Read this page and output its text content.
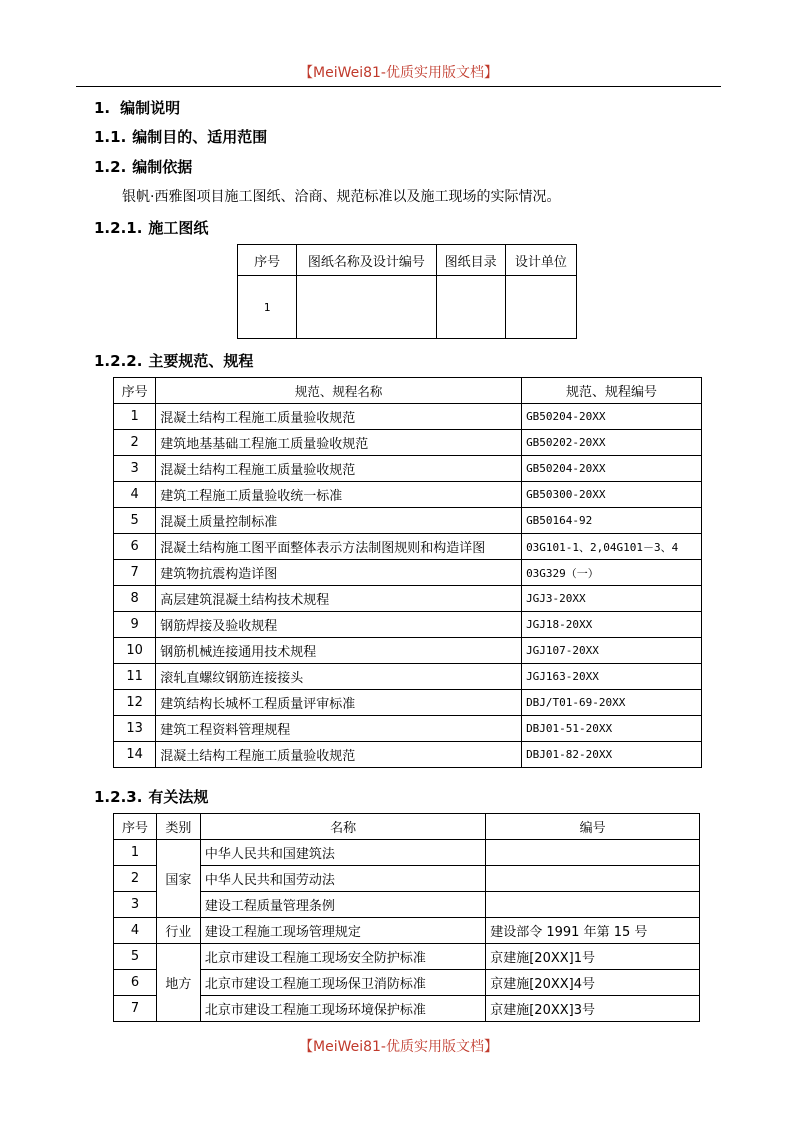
【MeiWei81-优质实用版文档】
1. 编制说明
1.1. 编制目的、适用范围
1.2. 编制依据
银帆·西雅图项目施工图纸、洽商、规范标准以及施工现场的实际情况。
1.2.1. 施工图纸
序号	图纸名称及设计编号	图纸目录	设计单位
1			
1.2.2. 主要规范、规程
序号	规范、规程名称	规范、规程编号
1	混凝土结构工程施工质量验收规范	GB50204-20XX
2	建筑地基基础工程施工质量验收规范	GB50202-20XX
3	混凝土结构工程施工质量验收规范	GB50204-20XX
4	建筑工程施工质量验收统一标准	GB50300-20XX
5	混凝土质量控制标准	GB50164-92
6	混凝土结构施工图平面整体表示方法制图规则和构造详图	03G101-1、2,04G101－3、4
7	建筑物抗震构造详图	03G329（一）
8	高层建筑混凝土结构技术规程	JGJ3-20XX
9	钢筋焊接及验收规程	JGJ18-20XX
10	钢筋机械连接通用技术规程	JGJ107-20XX
11	滚轧直螺纹钢筋连接接头	JGJ163-20XX
12	建筑结构长城杯工程质量评审标准	DBJ/T01-69-20XX
13	建筑工程资料管理规程	DBJ01-51-20XX
14	混凝土结构工程施工质量验收规范	DBJ01-82-20XX
1.2.3. 有关法规
序号	类别	名称	编号
1	国家	中华人民共和国建筑法	
2		中华人民共和国劳动法	
3		建设工程质量管理条例	
4	行业	建设工程施工现场管理规定	建设部令 1991 年第 15 号
5	地方	北京市建设工程施工现场安全防护标准	京建施[20XX]1号
6		北京市建设工程施工现场保卫消防标准	京建施[20XX]4号
7		北京市建设工程施工现场环境保护标准	京建施[20XX]3号
【MeiWei81-优质实用版文档】
